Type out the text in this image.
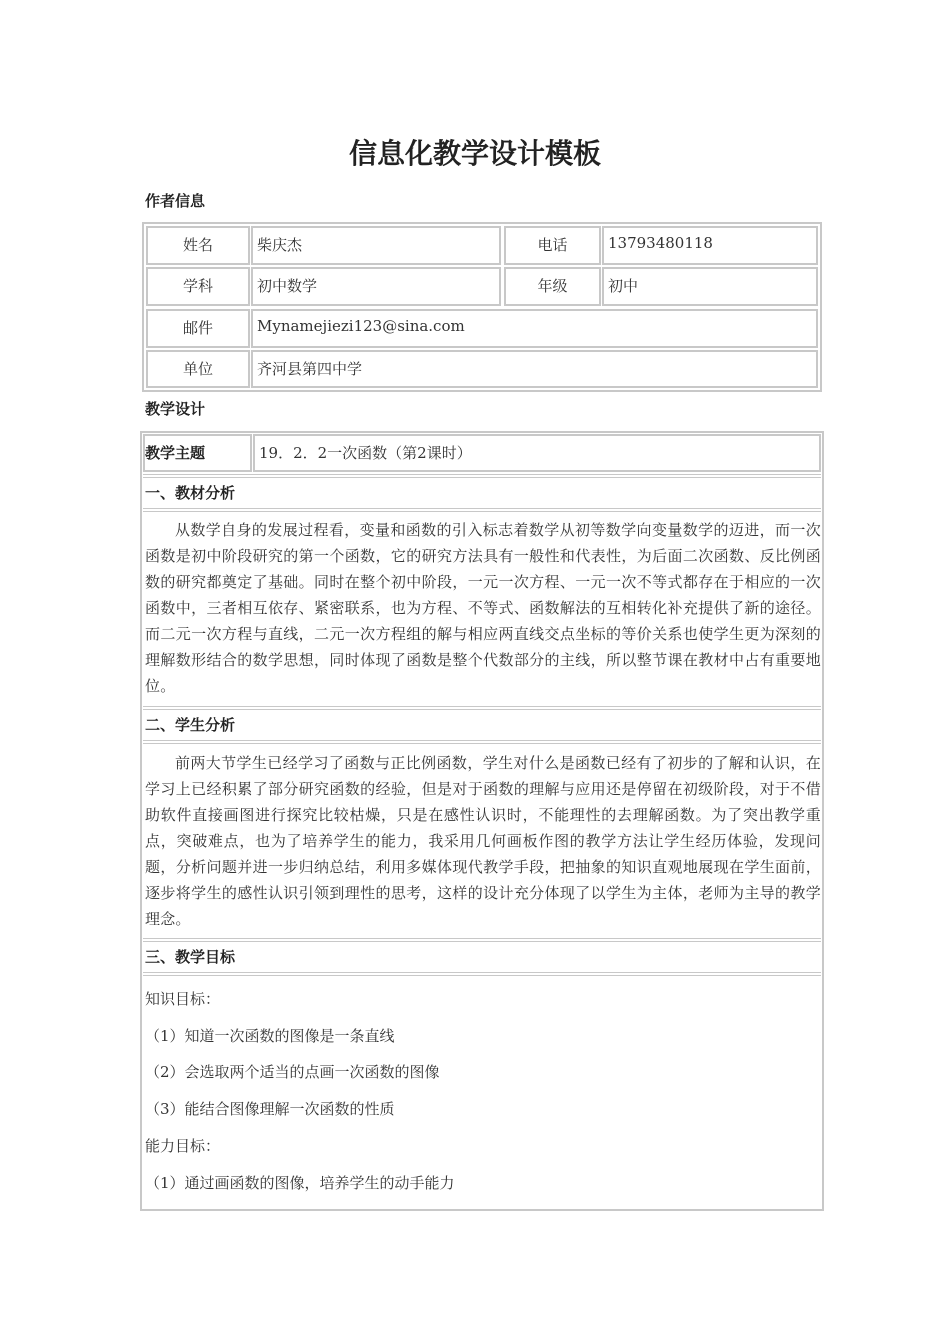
信息化教学设计模板
作者信息
姓名	柴庆杰	电话	13793480118
学科	初中数学	年级	初中
邮件	Mynamejiezi123@sina.com
单位	齐河县第四中学
教学设计
教学主题	19．2．2一次函数（第2课时）
一、教材分析

从数学自身的发展过程看，变量和函数的引入标志着数学从初等数学向变量数学的迈进，而一次函数是初中阶段研究的第一个函数，它的研究方法具有一般性和代表性，为后面二次函数、反比例函数的研究都奠定了基础。同时在整个初中阶段，一元一次方程、一元一次不等式都存在于相应的一次函数中，三者相互依存、紧密联系，也为方程、不等式、函数解法的互相转化补充提供了新的途径。而二元一次方程与直线，二元一次方程组的解与相应两直线交点坐标的等价关系也使学生更为深刻的理解数形结合的数学思想，同时体现了函数是整个代数部分的主线，所以整节课在教材中占有重要地位。

二、学生分析

前两大节学生已经学习了函数与正比例函数，学生对什么是函数已经有了初步的了解和认识，在学习上已经积累了部分研究函数的经验，但是对于函数的理解与应用还是停留在初级阶段，对于不借助软件直接画图进行探究比较枯燥，只是在感性认识时，不能理性的去理解函数。为了突出教学重点，突破难点，也为了培养学生的能力，我采用几何画板作图的教学方法让学生经历体验，发现问题，分析问题并进一步归纳总结，利用多媒体现代教学手段，把抽象的知识直观地展现在学生面前，逐步将学生的感性认识引领到理性的思考，这样的设计充分体现了以学生为主体，老师为主导的教学理念。

三、教学目标
知识目标：
（1）知道一次函数的图像是一条直线
（2）会选取两个适当的点画一次函数的图像
（3）能结合图像理解一次函数的性质
能力目标：
（1）通过画函数的图像，培养学生的动手能力
